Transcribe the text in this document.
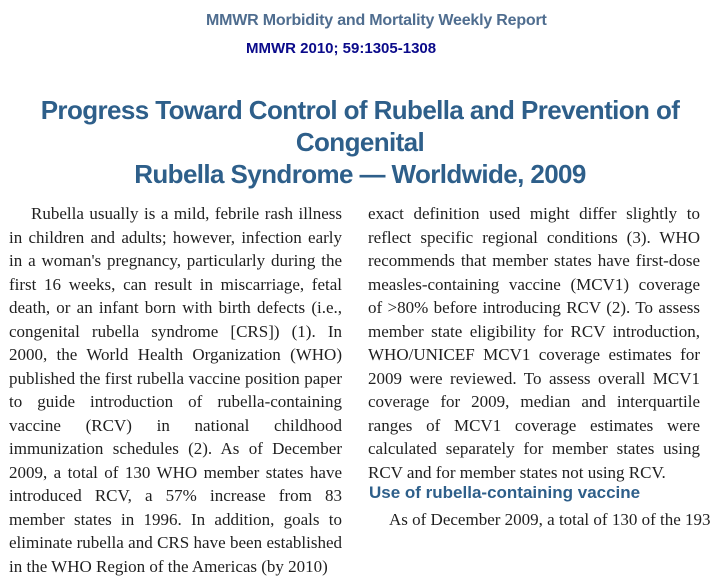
MMWR Morbidity and Mortality Weekly Report
MMWR 2010; 59:1305-1308
Progress Toward Control of Rubella and Prevention of Congenital
Rubella Syndrome — Worldwide, 2009

Rubella usually is a mild, febrile rash illness in children and adults; however, infection early in a woman's pregnancy, particularly during the first 16 weeks, can result in miscarriage, fetal death, or an infant born with birth defects (i.e., congenital rubella syndrome [CRS]) (1). In 2000, the World Health Organization (WHO) published the first rubella vaccine position paper to guide introduction of rubella-containing vaccine (RCV) in national childhood immunization schedules (2). As of December 2009, a total of 130 WHO member states have introduced RCV, a 57% increase from 83 member states in 1996. In addition, goals to eliminate rubella and CRS have been established in the WHO Region of the Americas (by 2010)

exact definition used might differ slightly to reflect specific regional conditions (3). WHO recommends that member states have first-dose measles-containing vaccine (MCV1) coverage of >80% before introducing RCV (2). To assess member state eligibility for RCV introduction, WHO/UNICEF MCV1 coverage estimates for 2009 were reviewed. To assess overall MCV1 coverage for 2009, median and interquartile ranges of MCV1 coverage estimates were calculated separately for member states using RCV and for member states not using RCV.

Use of rubella-containing vaccine
As of December 2009, a total of 130 of the 193
